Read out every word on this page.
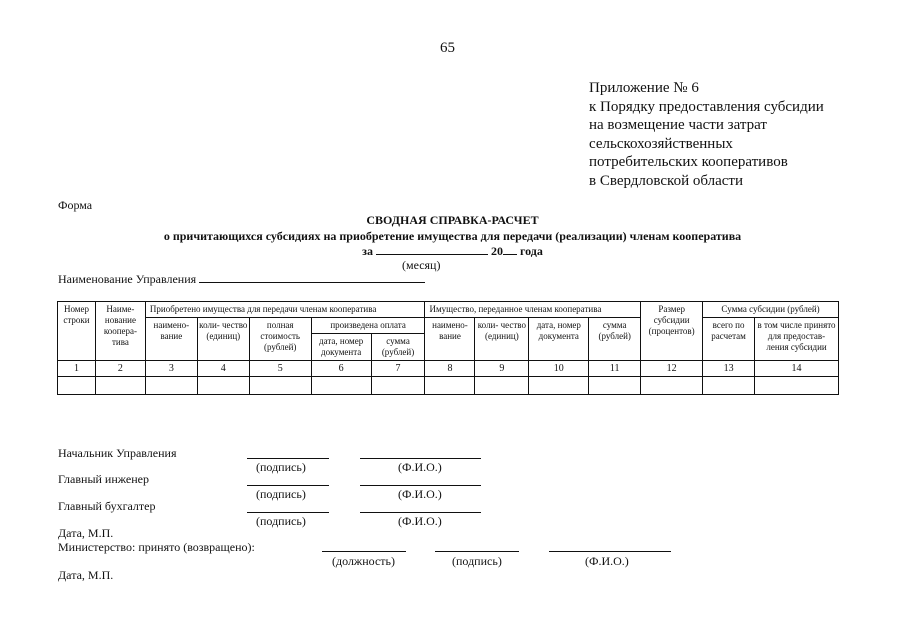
65
Приложение № 6
к Порядку предоставления субсидии
на возмещение части затрат
сельскохозяйственных
потребительских кооперативов
в Свердловской области
Форма
СВОДНАЯ СПРАВКА-РАСЧЕТ
о причитающихся субсидиях на приобретение имущества для передачи (реализации) членам кооператива
за	20 года
(месяц)
Наименование Управления
Номер строки	Наиме- нование коопера- тива	Приобретено имущества для передачи членам кооператива					Имущество, переданное членам кооператива				Размер субсидии (процентов)	Сумма субсидии (рублей)	
		наимено- вание	коли- чество (единиц)	полная стоимость (рублей)	произведена оплата		наимено- вание	коли- чество (единиц)	дата, номер документа	сумма (рублей)		всего по расчетам	в том числе принято для предостав- ления субсидии
					дата, номер документа	сумма (рублей)							
1	2	3	4	5	6	7	8	9	10	11	12	13	14

Начальник Управления
(подпись)	(Ф.И.О.)
Главный инженер
(подпись)	(Ф.И.О.)
Главный бухгалтер
(подпись)	(Ф.И.О.)
Дата, М.П.
Министерство: принято (возвращено):
(должность)	(подпись)	(Ф.И.О.)
Дата, М.П.
